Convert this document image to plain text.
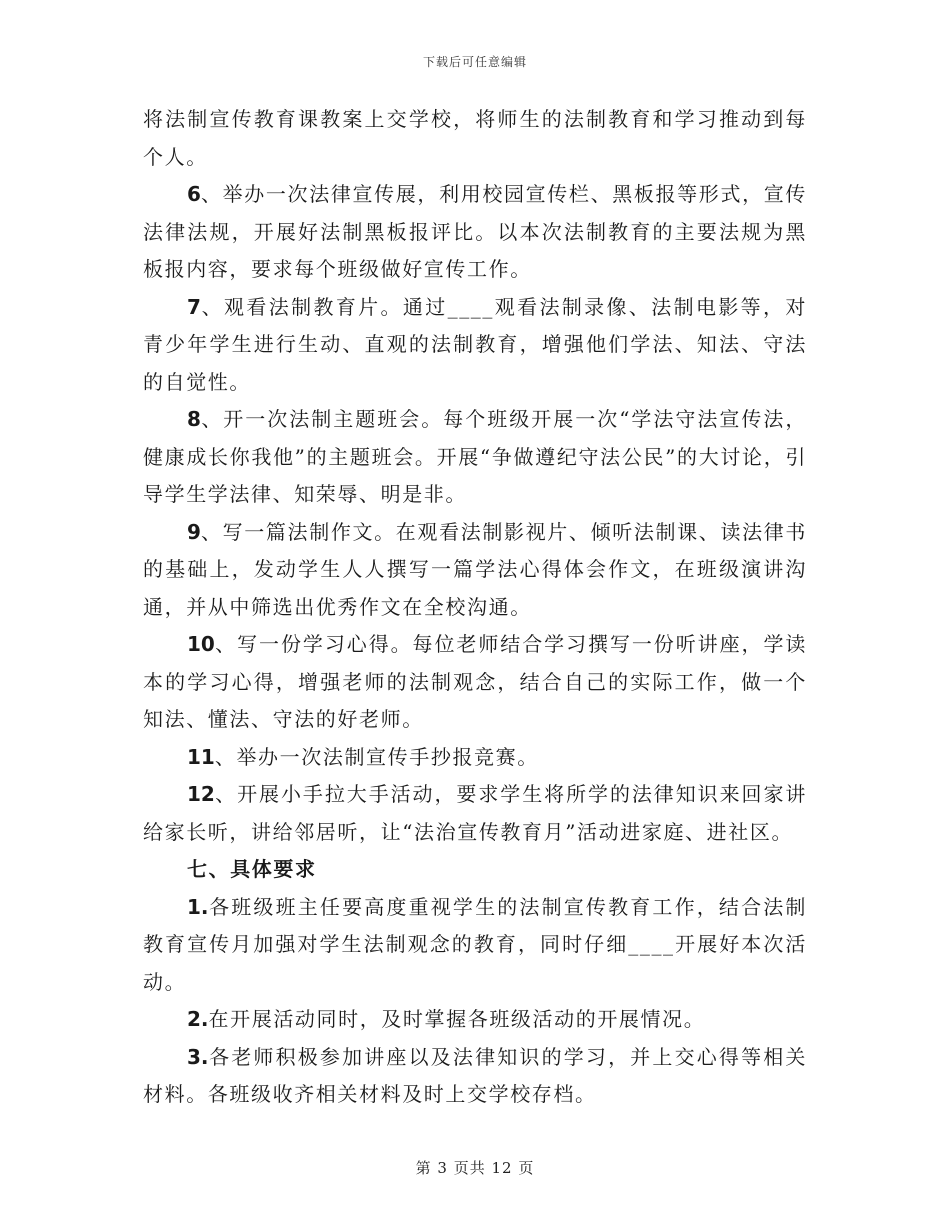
下载后可任意编辑

将法制宣传教育课教案上交学校，将师生的法制教育和学习推动到每个人。

6、举办一次法律宣传展，利用校园宣传栏、黑板报等形式，宣传法律法规，开展好法制黑板报评比。以本次法制教育的主要法规为黑板报内容，要求每个班级做好宣传工作。

7、观看法制教育片。通过____观看法制录像、法制电影等，对青少年学生进行生动、直观的法制教育，增强他们学法、知法、守法的自觉性。

8、开一次法制主题班会。每个班级开展一次“学法守法宣传法，健康成长你我他”的主题班会。开展“争做遵纪守法公民”的大讨论，引导学生学法律、知荣辱、明是非。

9、写一篇法制作文。在观看法制影视片、倾听法制课、读法律书的基础上，发动学生人人撰写一篇学法心得体会作文，在班级演讲沟通，并从中筛选出优秀作文在全校沟通。

10、写一份学习心得。每位老师结合学习撰写一份听讲座，学读本的学习心得，增强老师的法制观念，结合自己的实际工作，做一个知法、懂法、守法的好老师。

11、举办一次法制宣传手抄报竞赛。

12、开展小手拉大手活动，要求学生将所学的法律知识来回家讲给家长听，讲给邻居听，让“法治宣传教育月”活动进家庭、进社区。

七、具体要求

1.各班级班主任要高度重视学生的法制宣传教育工作，结合法制教育宣传月加强对学生法制观念的教育，同时仔细____开展好本次活动。

2.在开展活动同时，及时掌握各班级活动的开展情况。

3.各老师积极参加讲座以及法律知识的学习，并上交心得等相关材料。各班级收齐相关材料及时上交学校存档。

第 3 页共 12 页
